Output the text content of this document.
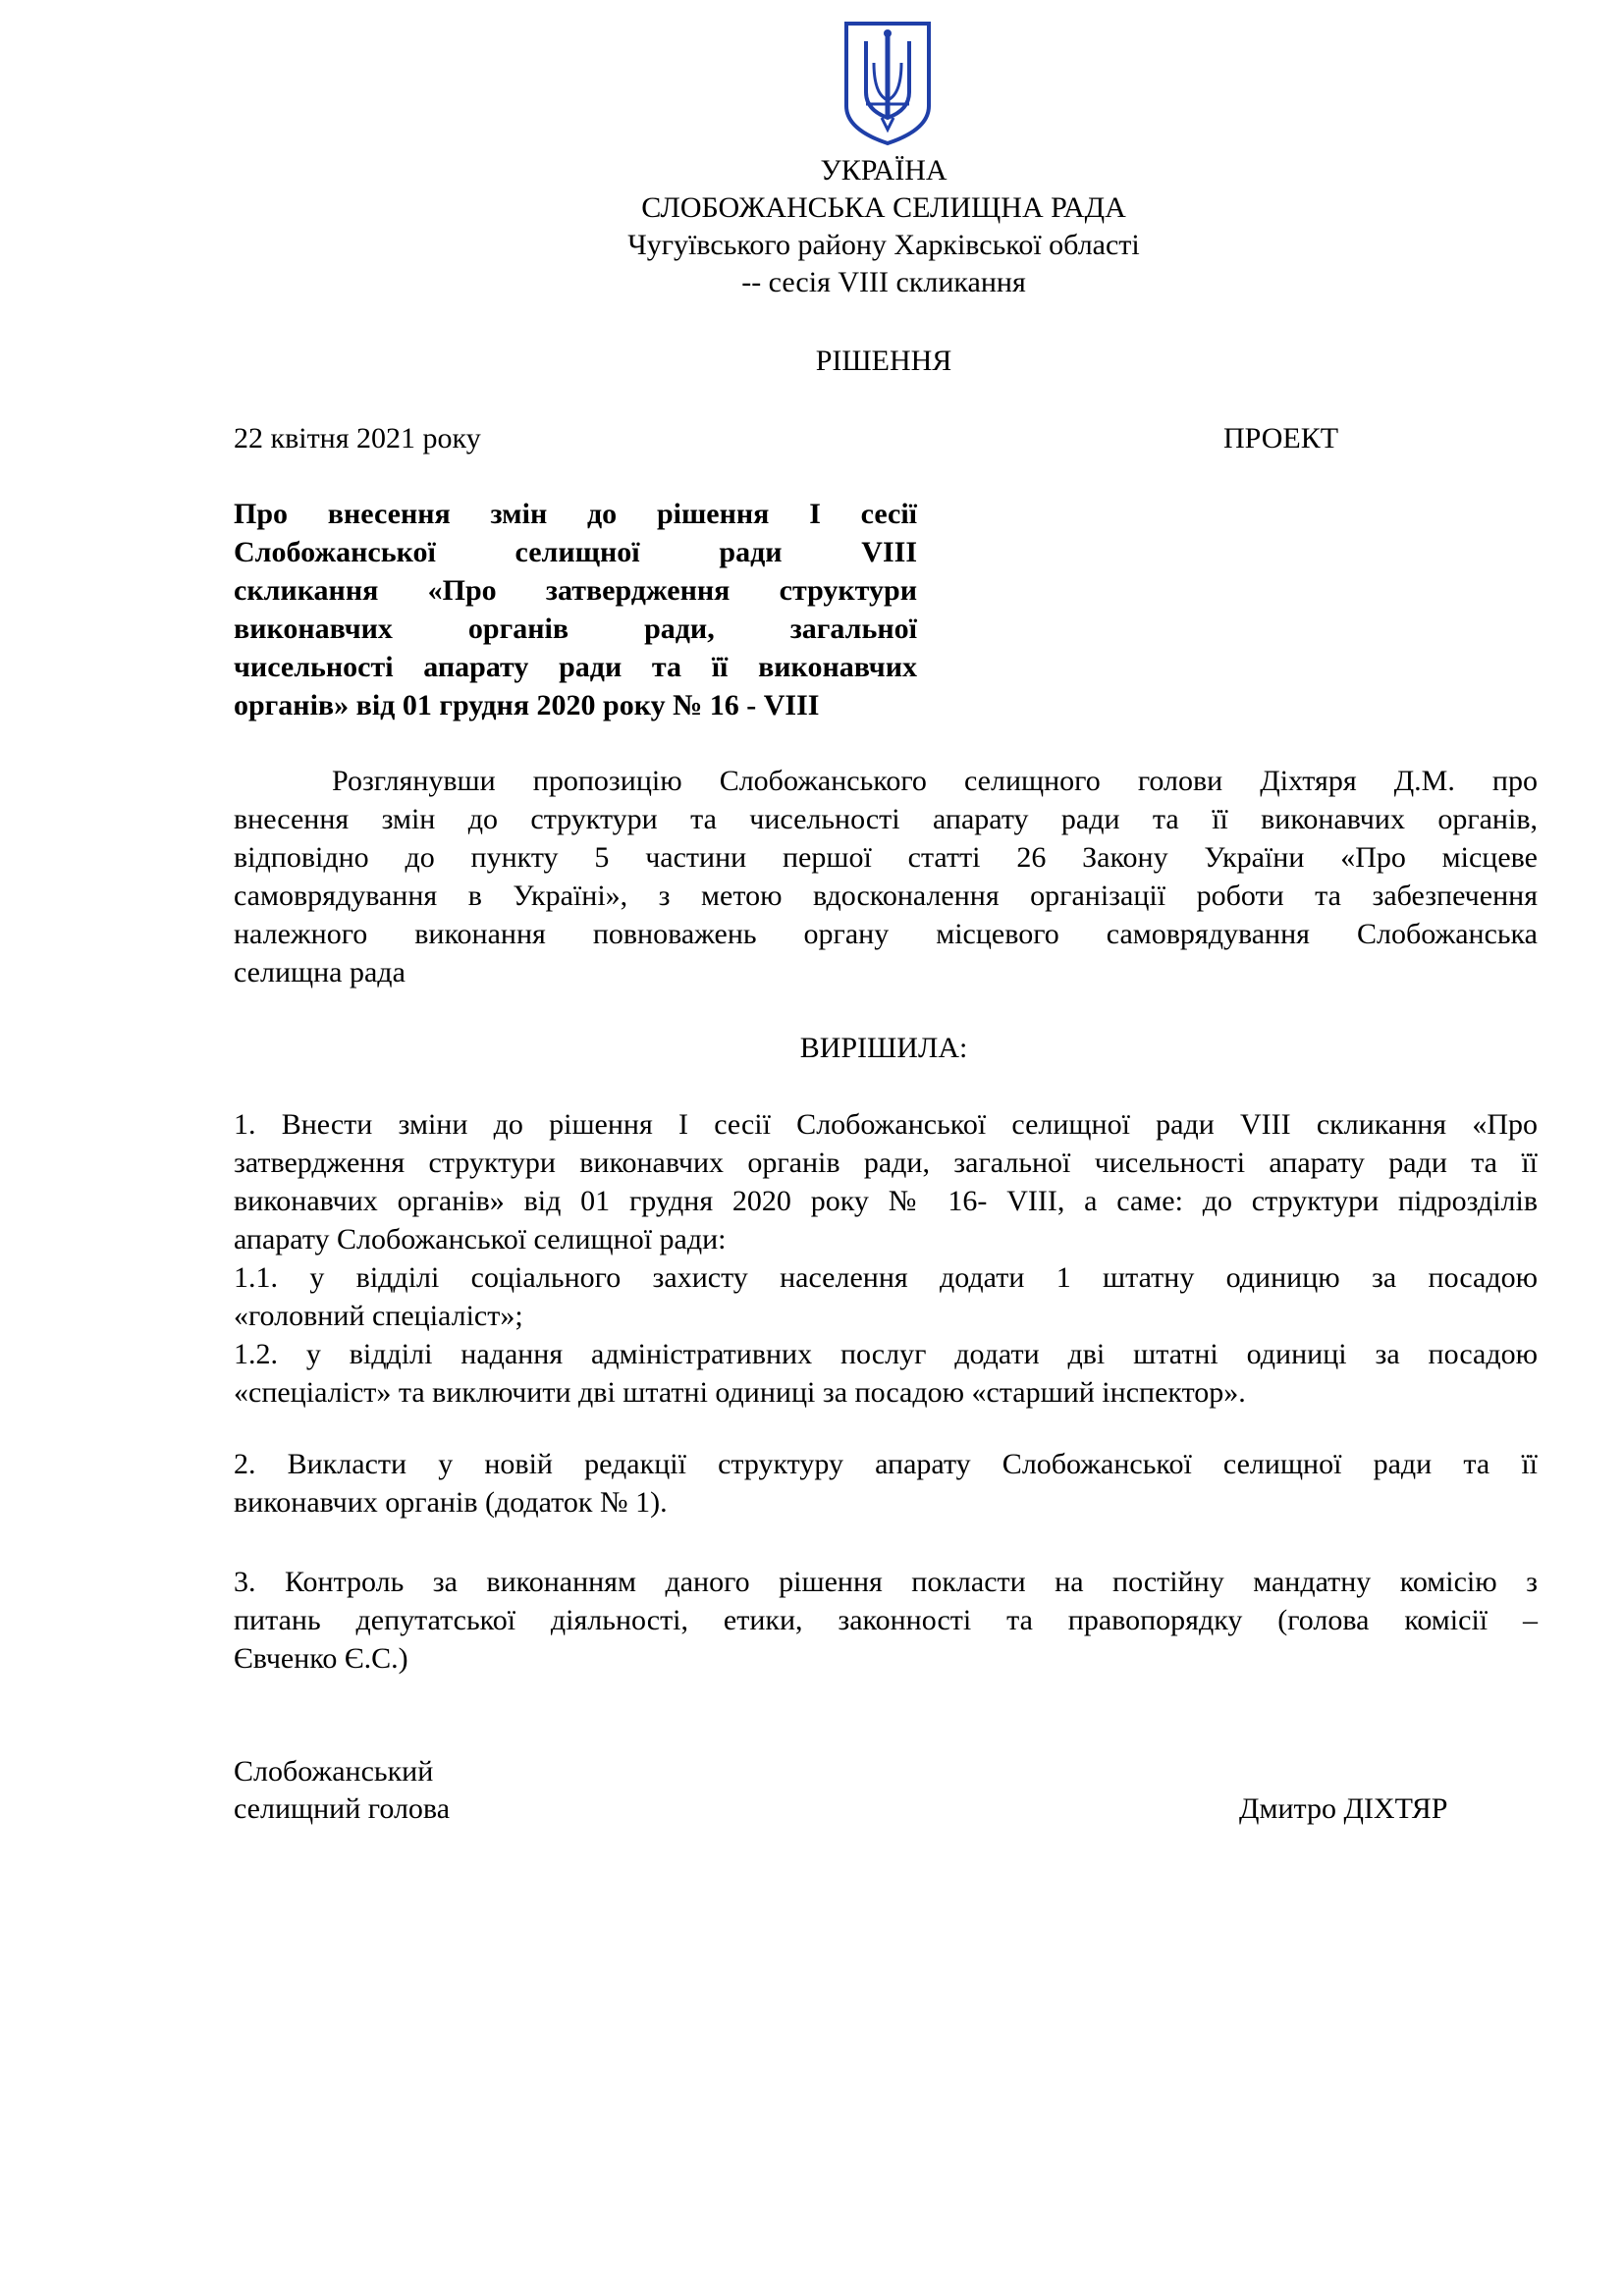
УКРАЇНА
СЛОБОЖАНСЬКА СЕЛИЩНА РАДА
Чугуївського району Харківської області
-- сесія VIII скликання
РІШЕННЯ
22 квітня 2021 року	ПРОЕКТ
Про внесення змін до рішення І сесії
Слобожанської селищної ради VIII
скликання «Про затвердження структури
виконавчих органів ради, загальної
чисельності апарату ради та її виконавчих
органів» від 01 грудня 2020 року № 16 - VIII
Розглянувши пропозицію Слобожанського селищного голови Діхтяря Д.М. про
внесення змін до структури та чисельності апарату ради та її виконавчих органів,
відповідно до пункту 5 частини першої статті 26 Закону України «Про місцеве
самоврядування в Україні», з метою вдосконалення організації роботи та забезпечення
належного виконання повноважень органу місцевого самоврядування Слобожанська
селищна рада
ВИРІШИЛА:
1. Внести зміни до рішення І сесії Слобожанської селищної ради VIII скликання «Про
затвердження структури виконавчих органів ради, загальної чисельності апарату ради та її
виконавчих органів» від 01 грудня 2020 року № 16- VIII, а саме: до структури підрозділів
апарату Слобожанської селищної ради:
1.1. у відділі соціального захисту населення додати 1 штатну одиницю за посадою
«головний спеціаліст»;
1.2. у відділі надання адміністративних послуг додати дві штатні одиниці за посадою
«спеціаліст» та виключити дві штатні одиниці за посадою «старший інспектор».
2. Викласти у новій редакції структуру апарату Слобожанської селищної ради та її
виконавчих органів (додаток № 1).
3. Контроль за виконанням даного рішення покласти на постійну мандатну комісію з
питань депутатської діяльності, етики, законності та правопорядку (голова комісії –
Євченко Є.С.)
Слобожанський
селищний голова	Дмитро ДІХТЯР
